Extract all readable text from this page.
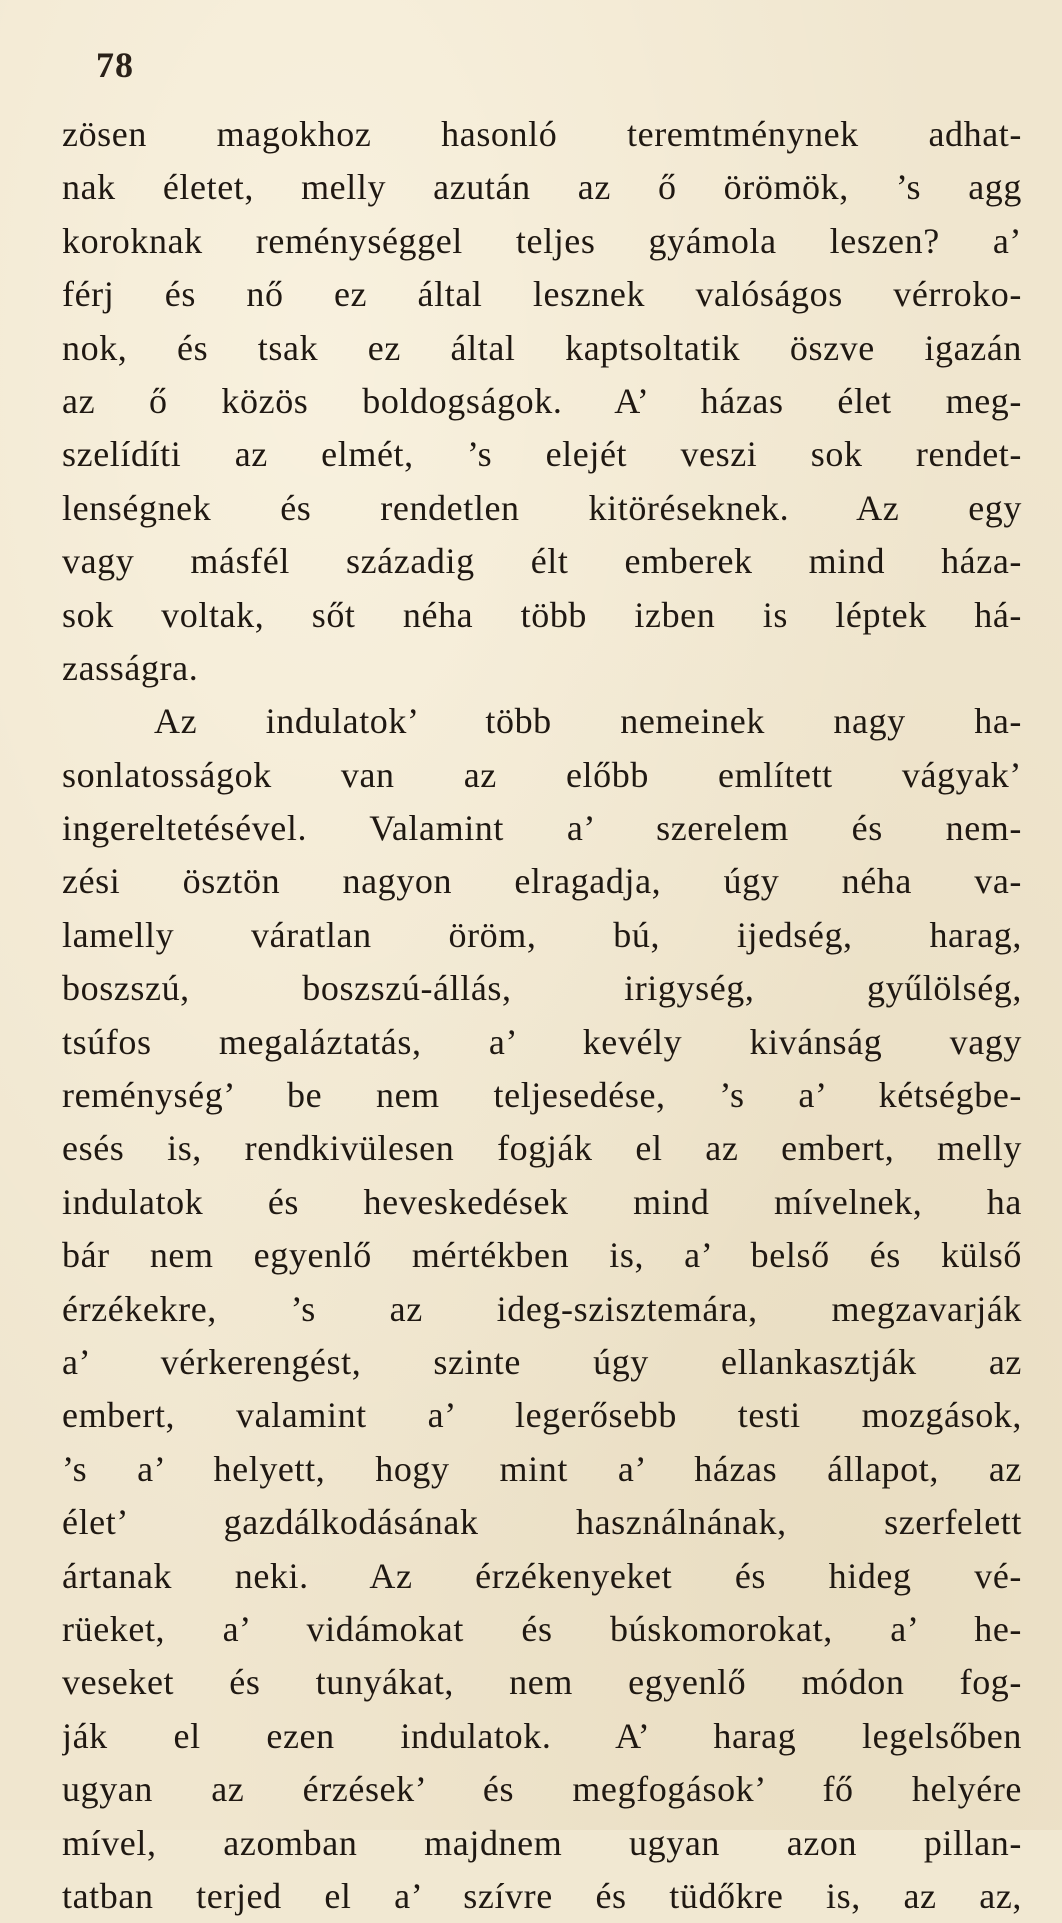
78
zösen magokhoz hasonló teremtménynek adhat-
nak életet, melly azután az ő örömök, ’s agg
koroknak reménységgel teljes gyámola leszen? a’
férj és nő ez által lesznek valóságos vérroko-
nok, és tsak ez által kaptsoltatik öszve igazán
az ő közös boldogságok. A’ házas élet meg-
szelídíti az elmét, ’s elejét veszi sok rendet-
lenségnek és rendetlen kitöréseknek. Az egy
vagy másfél századig élt emberek mind háza-
sok voltak, sőt néha több izben is léptek há-
zasságra.
Az indulatok’ több nemeinek nagy ha-
sonlatosságok van az előbb említett vágyak’
ingereltetésével. Valamint a’ szerelem és nem-
zési ösztön nagyon elragadja, úgy néha va-
lamelly váratlan öröm, bú, ijedség, harag,
boszszú, boszszú-állás, irigység, gyűlölség,
tsúfos megaláztatás, a’ kevély kivánság vagy
reménység’ be nem teljesedése, ’s a’ kétségbe-
esés is, rendkivülesen fogják el az embert, melly
indulatok és heveskedések mind mívelnek, ha
bár nem egyenlő mértékben is, a’ belső és külső
érzékekre, ’s az ideg-szisztemára, megzavarják
a’ vérkerengést, szinte úgy ellankasztják az
embert, valamint a’ legerősebb testi mozgások,
’s a’ helyett, hogy mint a’ házas állapot, az
élet’ gazdálkodásának használnának, szerfelett
ártanak neki. Az érzékenyeket és hideg vé-
rüeket, a’ vidámokat és búskomorokat, a’ he-
veseket és tunyákat, nem egyenlő módon fog-
ják el ezen indulatok. A’ harag legelsőben
ugyan az érzések’ és megfogások’ fő helyére
mível, azomban majdnem ugyan azon pillan-
tatban terjed el a’ szívre és tüdőkre is, az az,
